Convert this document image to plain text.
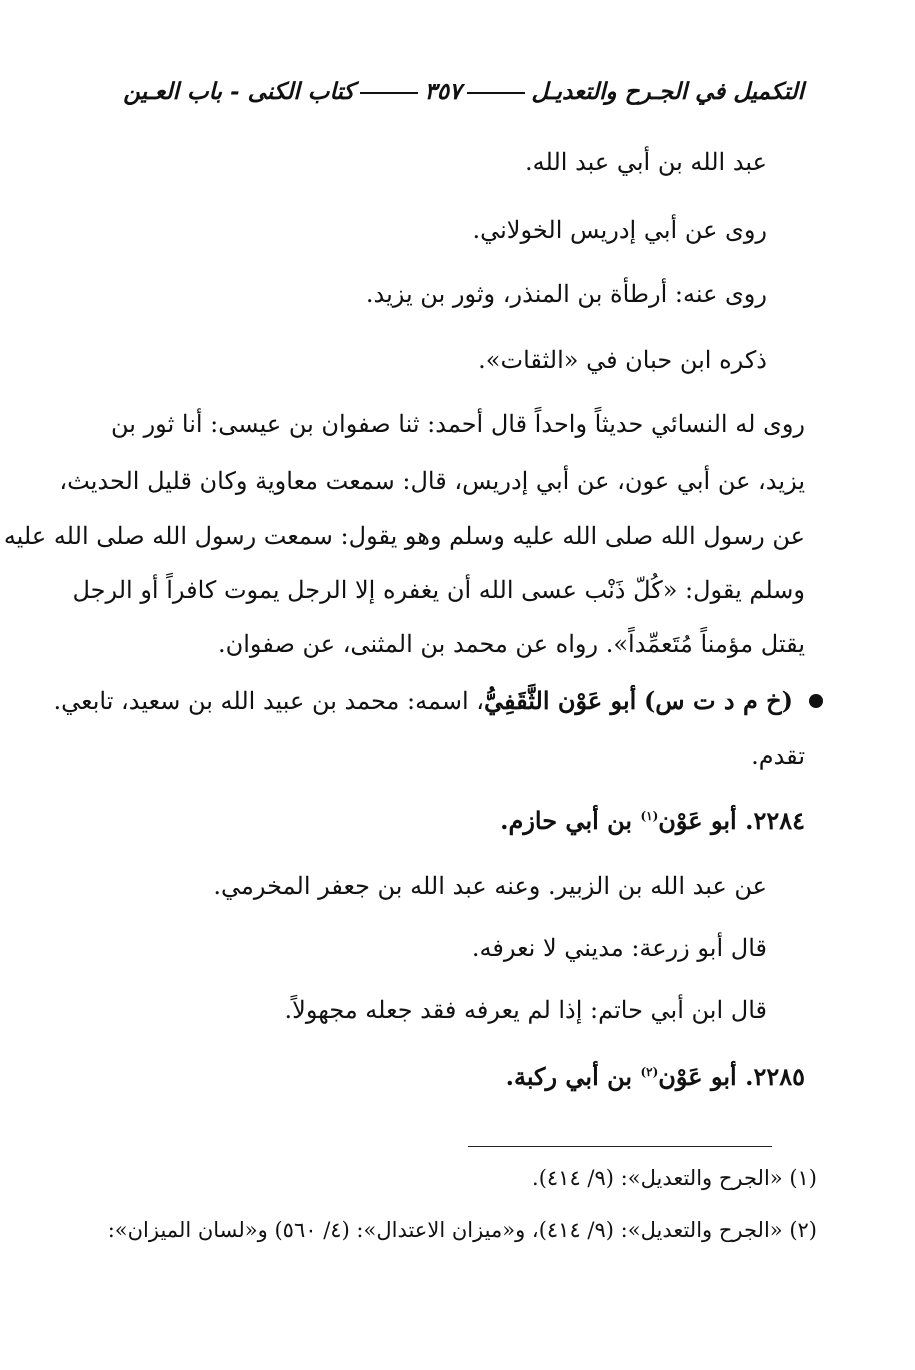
التكميل في الجـرح والتعديـل
٣٥٧
كتاب الكنى - باب العـين
عبد الله بن أبي عبد الله.
روى عن أبي إدريس الخولاني.
روى عنه: أرطأة بن المنذر، وثور بن يزيد.
ذكره ابن حبان في «الثقات».
روى له النسائي حديثاً واحداً قال أحمد: ثنا صفوان بن عيسى: أنا ثور بن
يزيد، عن أبي عون، عن أبي إدريس، قال: سمعت معاوية وكان قليل الحديث،
عن رسول الله صلى الله عليه وسلم وهو يقول: سمعت رسول الله صلى الله عليه
وسلم يقول: «كُلّ ذَنْب عسى الله أن يغفره إلا الرجل يموت كافراً أو الرجل
يقتل مؤمناً مُتَعمِّداً». رواه عن محمد بن المثنى، عن صفوان.
(خ م د ت س) أبو عَوْن الثَّقَفِيُّ، اسمه: محمد بن عبيد الله بن سعيد، تابعي.
تقدم.
٢٢٨٤. أبو عَوْن$^{(١)}$ بن أبي حازم.
عن عبد الله بن الزبير. وعنه عبد الله بن جعفر المخرمي.
قال أبو زرعة: مديني لا نعرفه.
قال ابن أبي حاتم: إذا لم يعرفه فقد جعله مجهولاً.
٢٢٨٥. أبو عَوْن$^{(٢)}$ بن أبي ركبة.
(١) «الجرح والتعديل»: (٩/ ٤١٤).
(٢) «الجرح والتعديل»: (٩/ ٤١٤)، و«ميزان الاعتدال»: (٤/ ٥٦٠) و«لسان الميزان»:
